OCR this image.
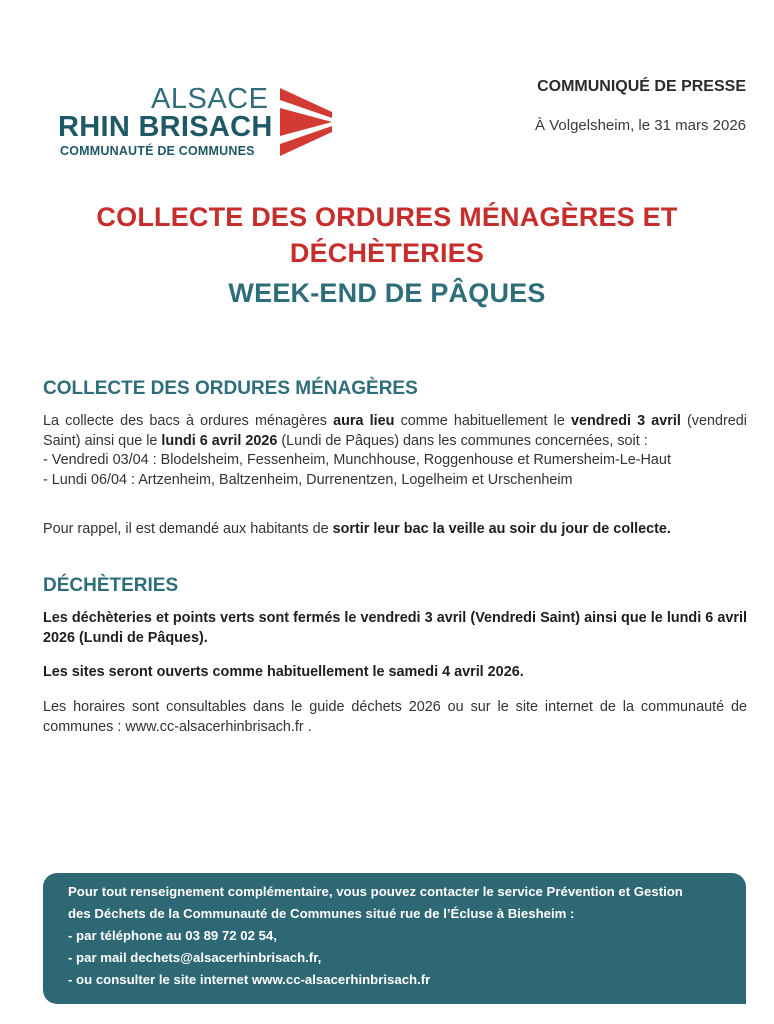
ALSACE
RHIN BRISACH
COMMUNAUTÉ DE COMMUNES
COMMUNIQUÉ DE PRESSE
À Volgelsheim, le 31 mars 2026
COLLECTE DES ORDURES MÉNAGÈRES ET
DÉCHÈTERIES
WEEK-END DE PÂQUES
COLLECTE DES ORDURES MÉNAGÈRES

La collecte des bacs à ordures ménagères aura lieu comme habituellement le vendredi 3 avril (vendredi Saint) ainsi que le lundi 6 avril 2026 (Lundi de Pâques) dans les communes concernées, soit :

- Vendredi 03/04 : Blodelsheim, Fessenheim, Munchhouse, Roggenhouse et Rumersheim-Le-Haut

- Lundi 06/04 : Artzenheim, Baltzenheim, Durrenentzen, Logelheim et Urschenheim

Pour rappel, il est demandé aux habitants de sortir leur bac la veille au soir du jour de collecte.

DÉCHÈTERIES

Les déchèteries et points verts sont fermés le vendredi 3 avril (Vendredi Saint) ainsi que le lundi 6 avril 2026 (Lundi de Pâques).

Les sites seront ouverts comme habituellement le samedi 4 avril 2026.

Les horaires sont consultables dans le guide déchets 2026 ou sur le site internet de la communauté de communes : www.cc-alsacerhinbrisach.fr .

Pour tout renseignement complémentaire, vous pouvez contacter le service Prévention et Gestion

des Déchets de la Communauté de Communes situé rue de l’Écluse à Biesheim :

- par téléphone au 03 89 72 02 54,

- par mail dechets@alsacerhinbrisach.fr,

- ou consulter le site internet www.cc-alsacerhinbrisach.fr
